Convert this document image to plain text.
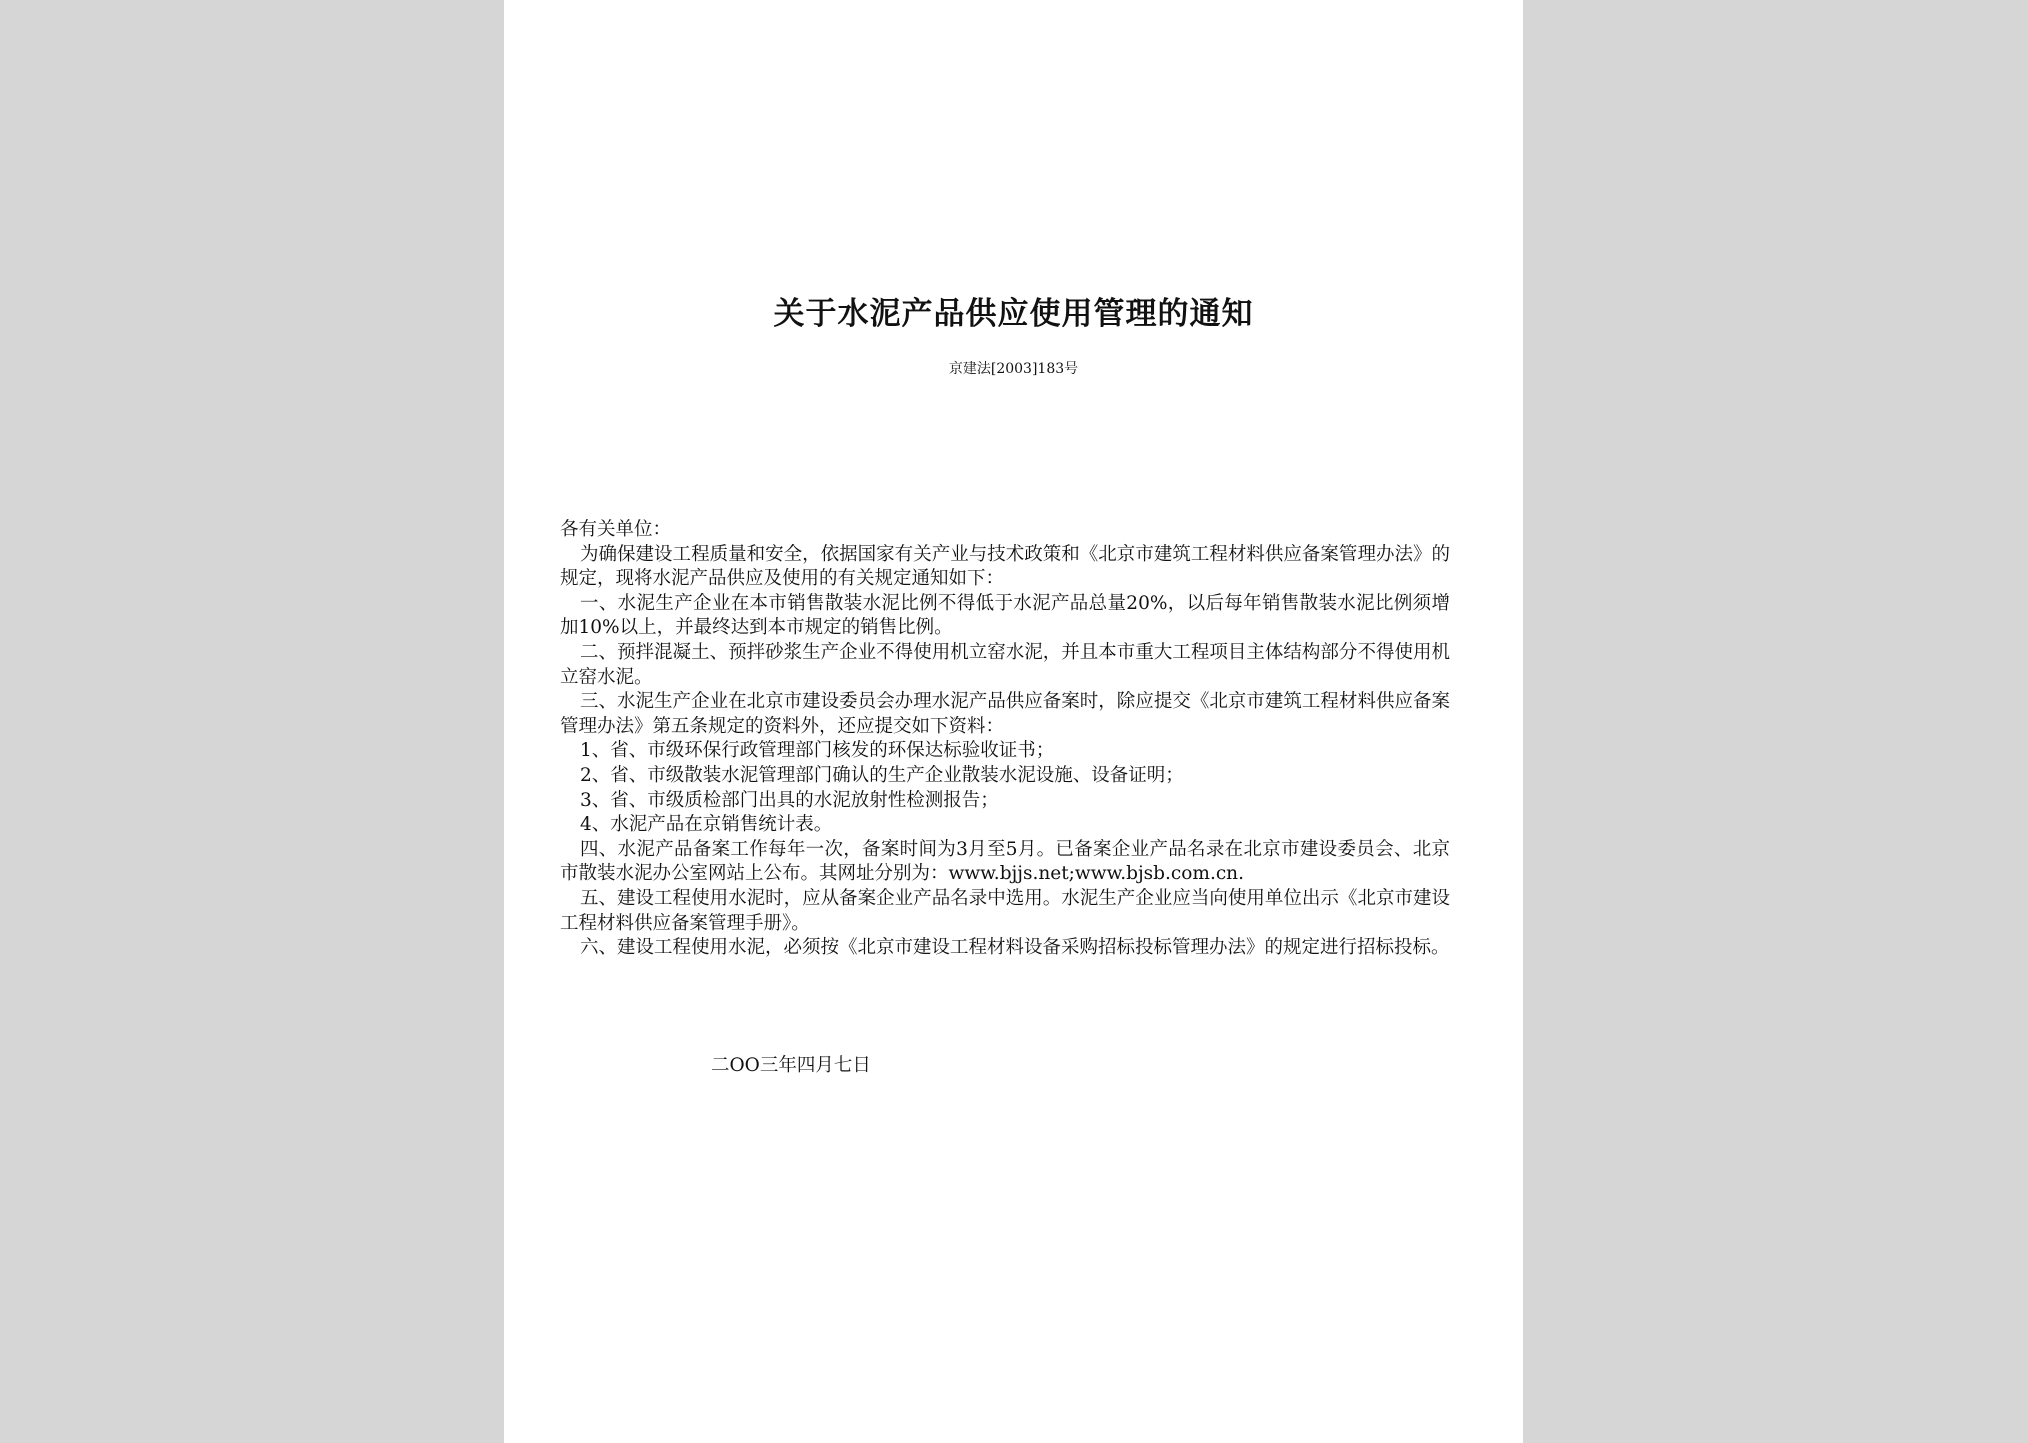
关于水泥产品供应使用管理的通知
京建法[2003]183号

各有关单位：

为确保建设工程质量和安全，依据国家有关产业与技术政策和《北京市建筑工程材料供应备案管理办法》的规定，现将水泥产品供应及使用的有关规定通知如下：

一、水泥生产企业在本市销售散装水泥比例不得低于水泥产品总量20%，以后每年销售散装水泥比例须增加10%以上，并最终达到本市规定的销售比例。

二、预拌混凝土、预拌砂浆生产企业不得使用机立窑水泥，并且本市重大工程项目主体结构部分不得使用机立窑水泥。

三、水泥生产企业在北京市建设委员会办理水泥产品供应备案时，除应提交《北京市建筑工程材料供应备案管理办法》第五条规定的资料外，还应提交如下资料：

1、省、市级环保行政管理部门核发的环保达标验收证书；

2、省、市级散装水泥管理部门确认的生产企业散装水泥设施、设备证明；

3、省、市级质检部门出具的水泥放射性检测报告；

4、水泥产品在京销售统计表。

四、水泥产品备案工作每年一次，备案时间为3月至5月。已备案企业产品名录在北京市建设委员会、北京市散装水泥办公室网站上公布。其网址分别为：www.bjjs.net;www.bjsb.com.cn.

五、建设工程使用水泥时，应从备案企业产品名录中选用。水泥生产企业应当向使用单位出示《北京市建设工程材料供应备案管理手册》。

六、建设工程使用水泥，必须按《北京市建设工程材料设备采购招标投标管理办法》的规定进行招标投标。

二OO三年四月七日
